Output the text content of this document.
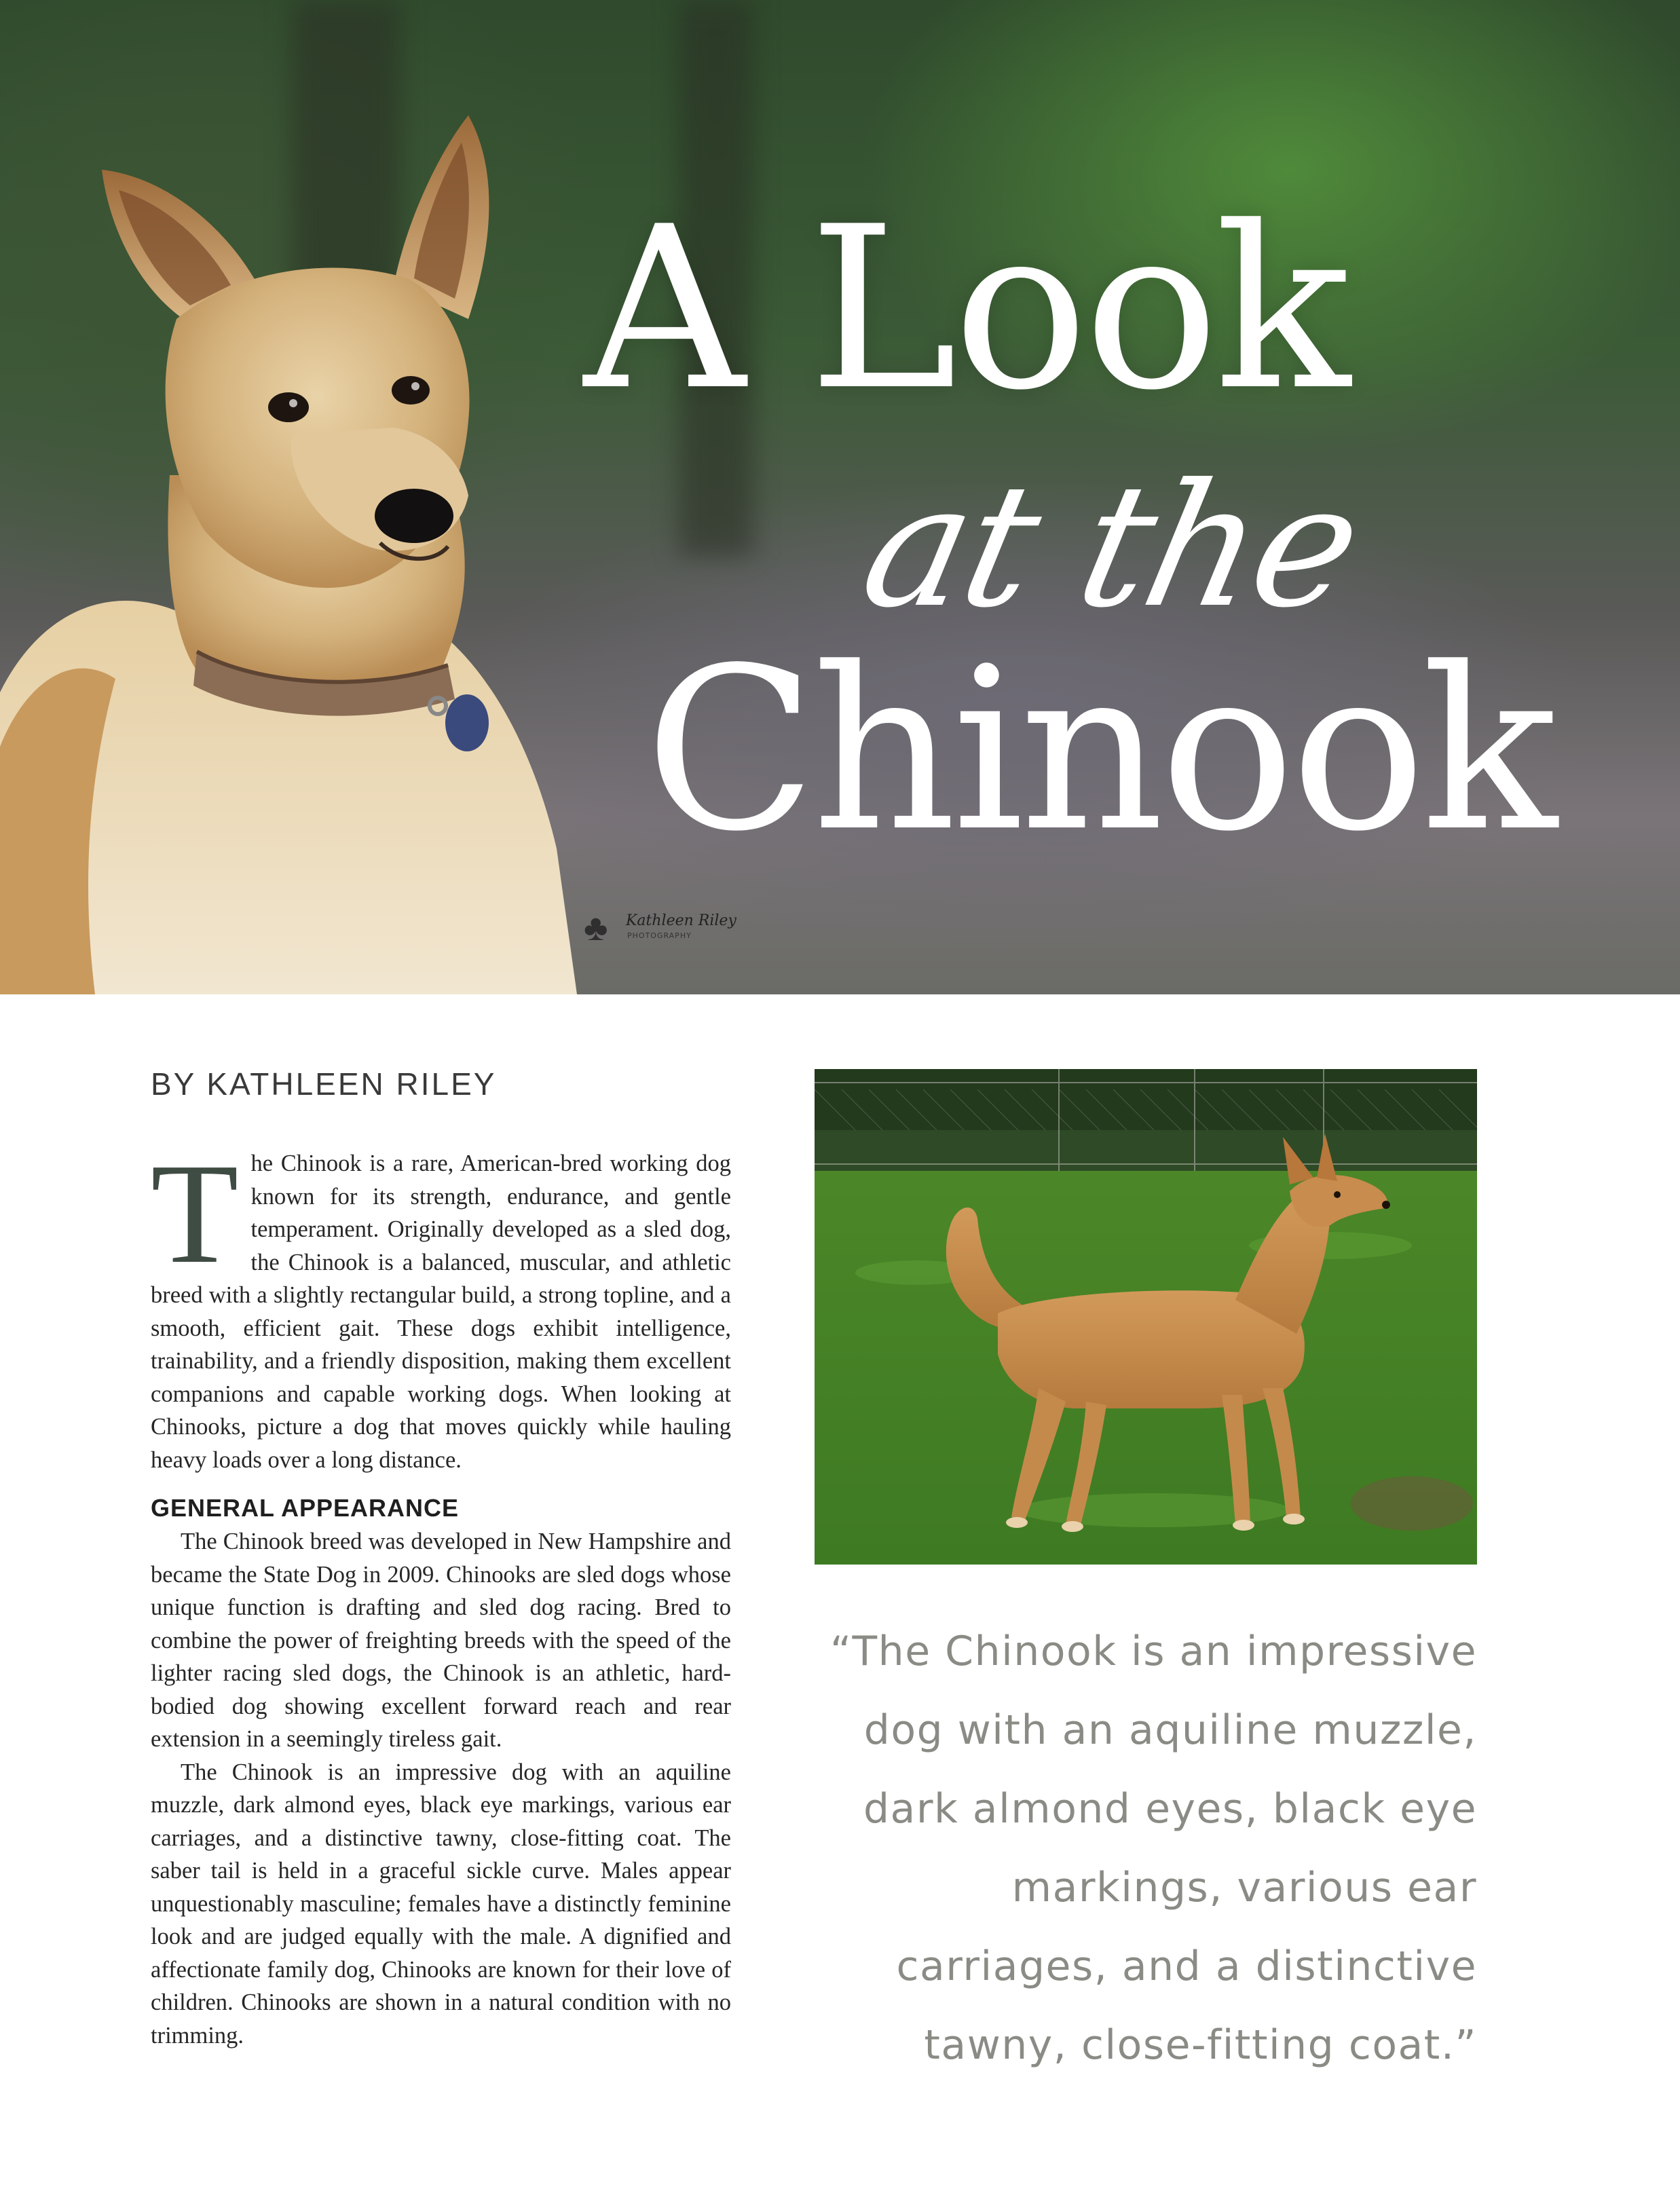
A Look
at the
Chinook
♣ Kathleen Riley
PHOTOGRAPHY
BY KATHLEEN RILEY

The Chinook is a rare, American-bred working dog known for its strength, endurance, and gentle temperament. Originally developed as a sled dog, the Chinook is a balanced, muscular, and athletic breed with a slightly rectangular build, a strong topline, and a smooth, efficient gait. These dogs exhibit intelligence, trainability, and a friendly disposition, making them excellent companions and capable working dogs. When looking at Chinooks, picture a dog that moves quickly while hauling heavy loads over a long distance.

GENERAL APPEARANCE

The Chinook breed was developed in New Hampshire and became the State Dog in 2009. Chinooks are sled dogs whose unique function is drafting and sled dog racing. Bred to combine the power of freighting breeds with the speed of the lighter racing sled dogs, the Chinook is an athletic, hard-bodied dog showing excellent forward reach and rear extension in a seemingly tireless gait.

The Chinook is an impressive dog with an aquiline muzzle, dark almond eyes, black eye markings, various ear carriages, and a distinctive tawny, close-fitting coat. The saber tail is held in a graceful sickle curve. Males appear unquestionably masculine; females have a distinctly feminine look and are judged equally with the male. A dignified and affectionate family dog, Chinooks are known for their love of children. Chinooks are shown in a natural condition with no trimming.

“The Chinook is an impressive dog with an aquiline muzzle, dark almond eyes, black eye markings, various ear carriages, and a distinctive tawny, close-fitting coat.”
